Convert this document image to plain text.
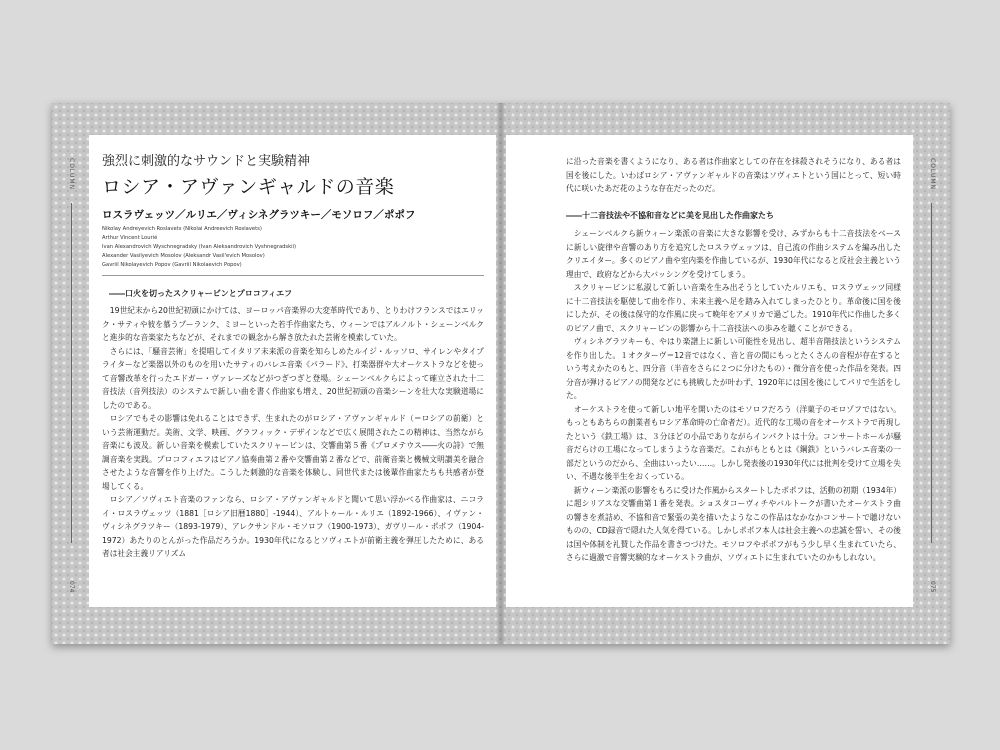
COLUMN
074
強烈に刺激的なサウンドと実験精神
ロシア・アヴァンギャルドの音楽
ロスラヴェッツ／ルリエ／ヴィシネグラツキー／モソロフ／ポポフ
Nikolay Andreyevich Roslavets (Nikolai Andreevich Roslavets)
Arthur Vincent Lourié
Ivan Alexandrovich Wyschnegradsky (Ivan Aleksandrovich Vyshnegradskii)
Alexander Vasilyevich Mosolov (Aleksandr Vasil'evich Mosolov)
Gavriil Nikolayevich Popov (Gavriil Nikolaevich Popov)
――口火を切ったスクリャービンとプロコフィエフ

19世紀末から20世紀初頭にかけては、ヨーロッパ音楽界の大変革時代であり、とりわけフランスではエリック・サティや彼を慕うプーランク、ミヨーといった若手作曲家たち、ウィーンではアルノルト・シェーンベルクと進歩的な音楽家たちなどが、それまでの観念から解き放たれた芸術を模索していた。

さらには、「騒音芸術」を提唱してイタリア未来派の音楽を知らしめたルイジ・ルッソロ、サイレンやタイプライターなど楽器以外のものを用いたサティのバレエ音楽《パラード》、打楽器群や大オーケストラなどを使って音響改革を行ったエドガー・ヴァレーズなどがつぎつぎと登場。シェーンベルクらによって確立された十二音技法（音列技法）のシステムで新しい曲を書く作曲家も増え、20世紀初頭の音楽シーンを壮大な実験道場にしたのである。

ロシアでもその影響は免れることはできず、生まれたのがロシア・アヴァンギャルド（＝ロシアの前衛）という芸術運動だ。美術、文学、映画、グラフィック・デザインなどで広く展開されたこの精神は、当然ながら音楽にも波及。新しい音楽を模索していたスクリャービンは、交響曲第５番《プロメテウス――火の詩》で無調音楽を実践。プロコフィエフはピアノ協奏曲第２番や交響曲第２番などで、前衛音楽と機械文明讃美を融合させたような音響を作り上げた。こうした刺激的な音楽を体験し、同世代または後輩作曲家たちも共感者が登場してくる。

ロシア／ソヴィエト音楽のファンなら、ロシア・アヴァンギャルドと聞いて思い浮かべる作曲家は、ニコライ・ロスラヴェッツ（1881［ロシア旧暦1880］-1944）、アルトゥール・ルリエ（1892-1966）、イヴァン・ヴィシネグラツキー（1893-1979）、アレクサンドル・モソロフ（1900-1973）、ガヴリール・ポポフ（1904-1972）あたりのとんがった作品だろうか。1930年代になるとソヴィエトが前衛主義を弾圧したために、ある者は社会主義リアリズム

COLUMN
075

に沿った音楽を書くようになり、ある者は作曲家としての存在を抹殺されそうになり、ある者は国を後にした。いわばロシア・アヴァンギャルドの音楽はソヴィエトという国にとって、短い時代に咲いたあだ花のような存在だったのだ。

――十二音技法や不協和音などに美を見出した作曲家たち

シェーンベルクら新ウィーン楽派の音楽に大きな影響を受け、みずからも十二音技法をベースに新しい旋律や音響のあり方を追究したロスラヴェッツは、自己流の作曲システムを編み出したクリエイター。多くのピアノ曲や室内楽を作曲しているが、1930年代になると反社会主義という理由で、政府などから大バッシングを受けてしまう。

スクリャービンに私淑して新しい音楽を生み出そうとしていたルリエも、ロスラヴェッツ同様に十二音技法を駆使して曲を作り、未来主義へ足を踏み入れてしまったひとり。革命後に国を後にしたが、その後は保守的な作風に戻って晩年をアメリカで過ごした。1910年代に作曲した多くのピアノ曲で、スクリャービンの影響から十二音技法への歩みを聴くことができる。

ヴィシネグラツキーも、やはり楽譜上に新しい可能性を見出し、超半音階技法というシステムを作り出した。１オクターヴ＝12音ではなく、音と音の間にもっとたくさんの音程が存在するという考えかたのもと、四分音（半音をさらに２つに分けたもの）・微分音を使った作品を発表。四分音が弾けるピアノの開発などにも挑戦したが叶わず、1920年には国を後にしてパリで生活をした。

オーケストラを使って新しい地平を開いたのはモソロフだろう（洋菓子のモロゾフではない。もっともあちらの創業者もロシア革命時の亡命者だ）。近代的な工場の音をオーケストラで再現したという《鉄工場》は、３分ほどの小品でありながらインパクトは十分。コンサートホールが騒音だらけの工場になってしまうような音楽だ。これがもともとは《鋼鉄》というバレエ音楽の一部だというのだから、全曲はいったい……。しかし発表後の1930年代には批判を受けて立場を失い、不遇な後半生をおくっている。

新ウィーン楽派の影響をもろに受けた作風からスタートしたポポフは、活動の初期（1934年）に超シリアスな交響曲第１番を発表。ショスタコーヴィチやバルトークが書いたオーケストラ曲の響きを煮詰め、不協和音で緊張の美を描いたようなこの作品はなかなかコンサートで聴けないものの、CD録音で隠れた人気を得ている。しかしポポフ本人は社会主義への忠誠を誓い、その後は国や体制を礼賛した作品を書きつづけた。モソロフやポポフがもう少し早く生まれていたら、さらに過激で音響実験的なオーケストラ曲が、ソヴィエトに生まれていたのかもしれない。
